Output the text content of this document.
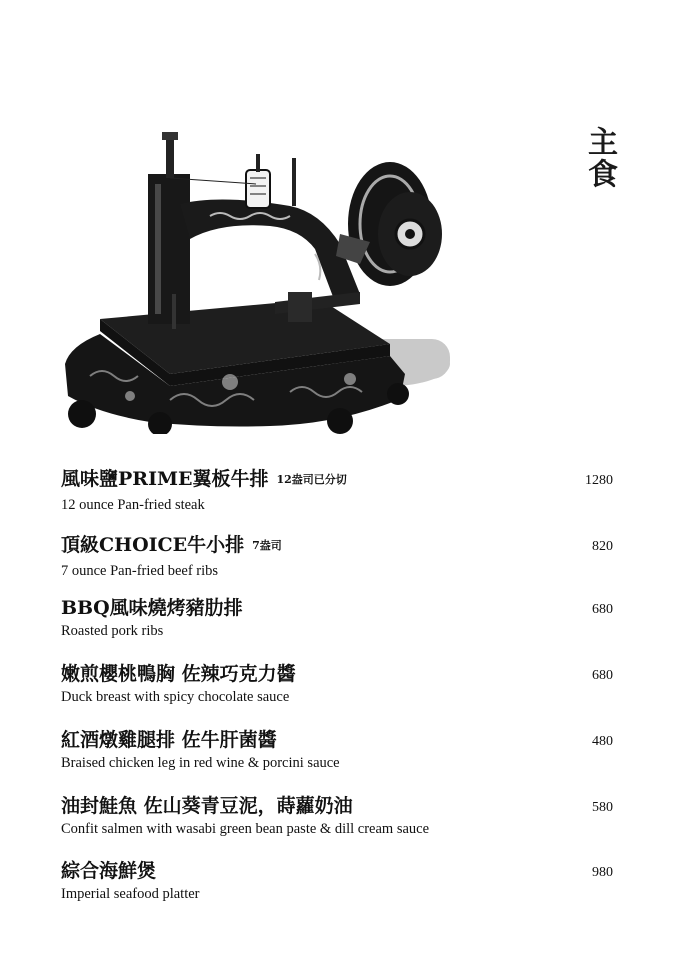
主食
風味鹽PRIME翼板牛排 12盎司已分切
12 ounce Pan-fried steak
1280
頂級CHOICE牛小排 7盎司
7 ounce Pan-fried beef ribs
820
BBQ風味燒烤豬肋排
Roasted pork ribs
680
嫩煎櫻桃鴨胸 佐辣巧克力醬
Duck breast with spicy chocolate sauce
680
紅酒燉雞腿排 佐牛肝菌醬
Braised chicken leg in red wine & porcini sauce
480
油封鮭魚 佐山葵青豆泥，蒔蘿奶油
Confit salmen with wasabi green bean paste & dill cream sauce
580
綜合海鮮煲
Imperial seafood platter
980
